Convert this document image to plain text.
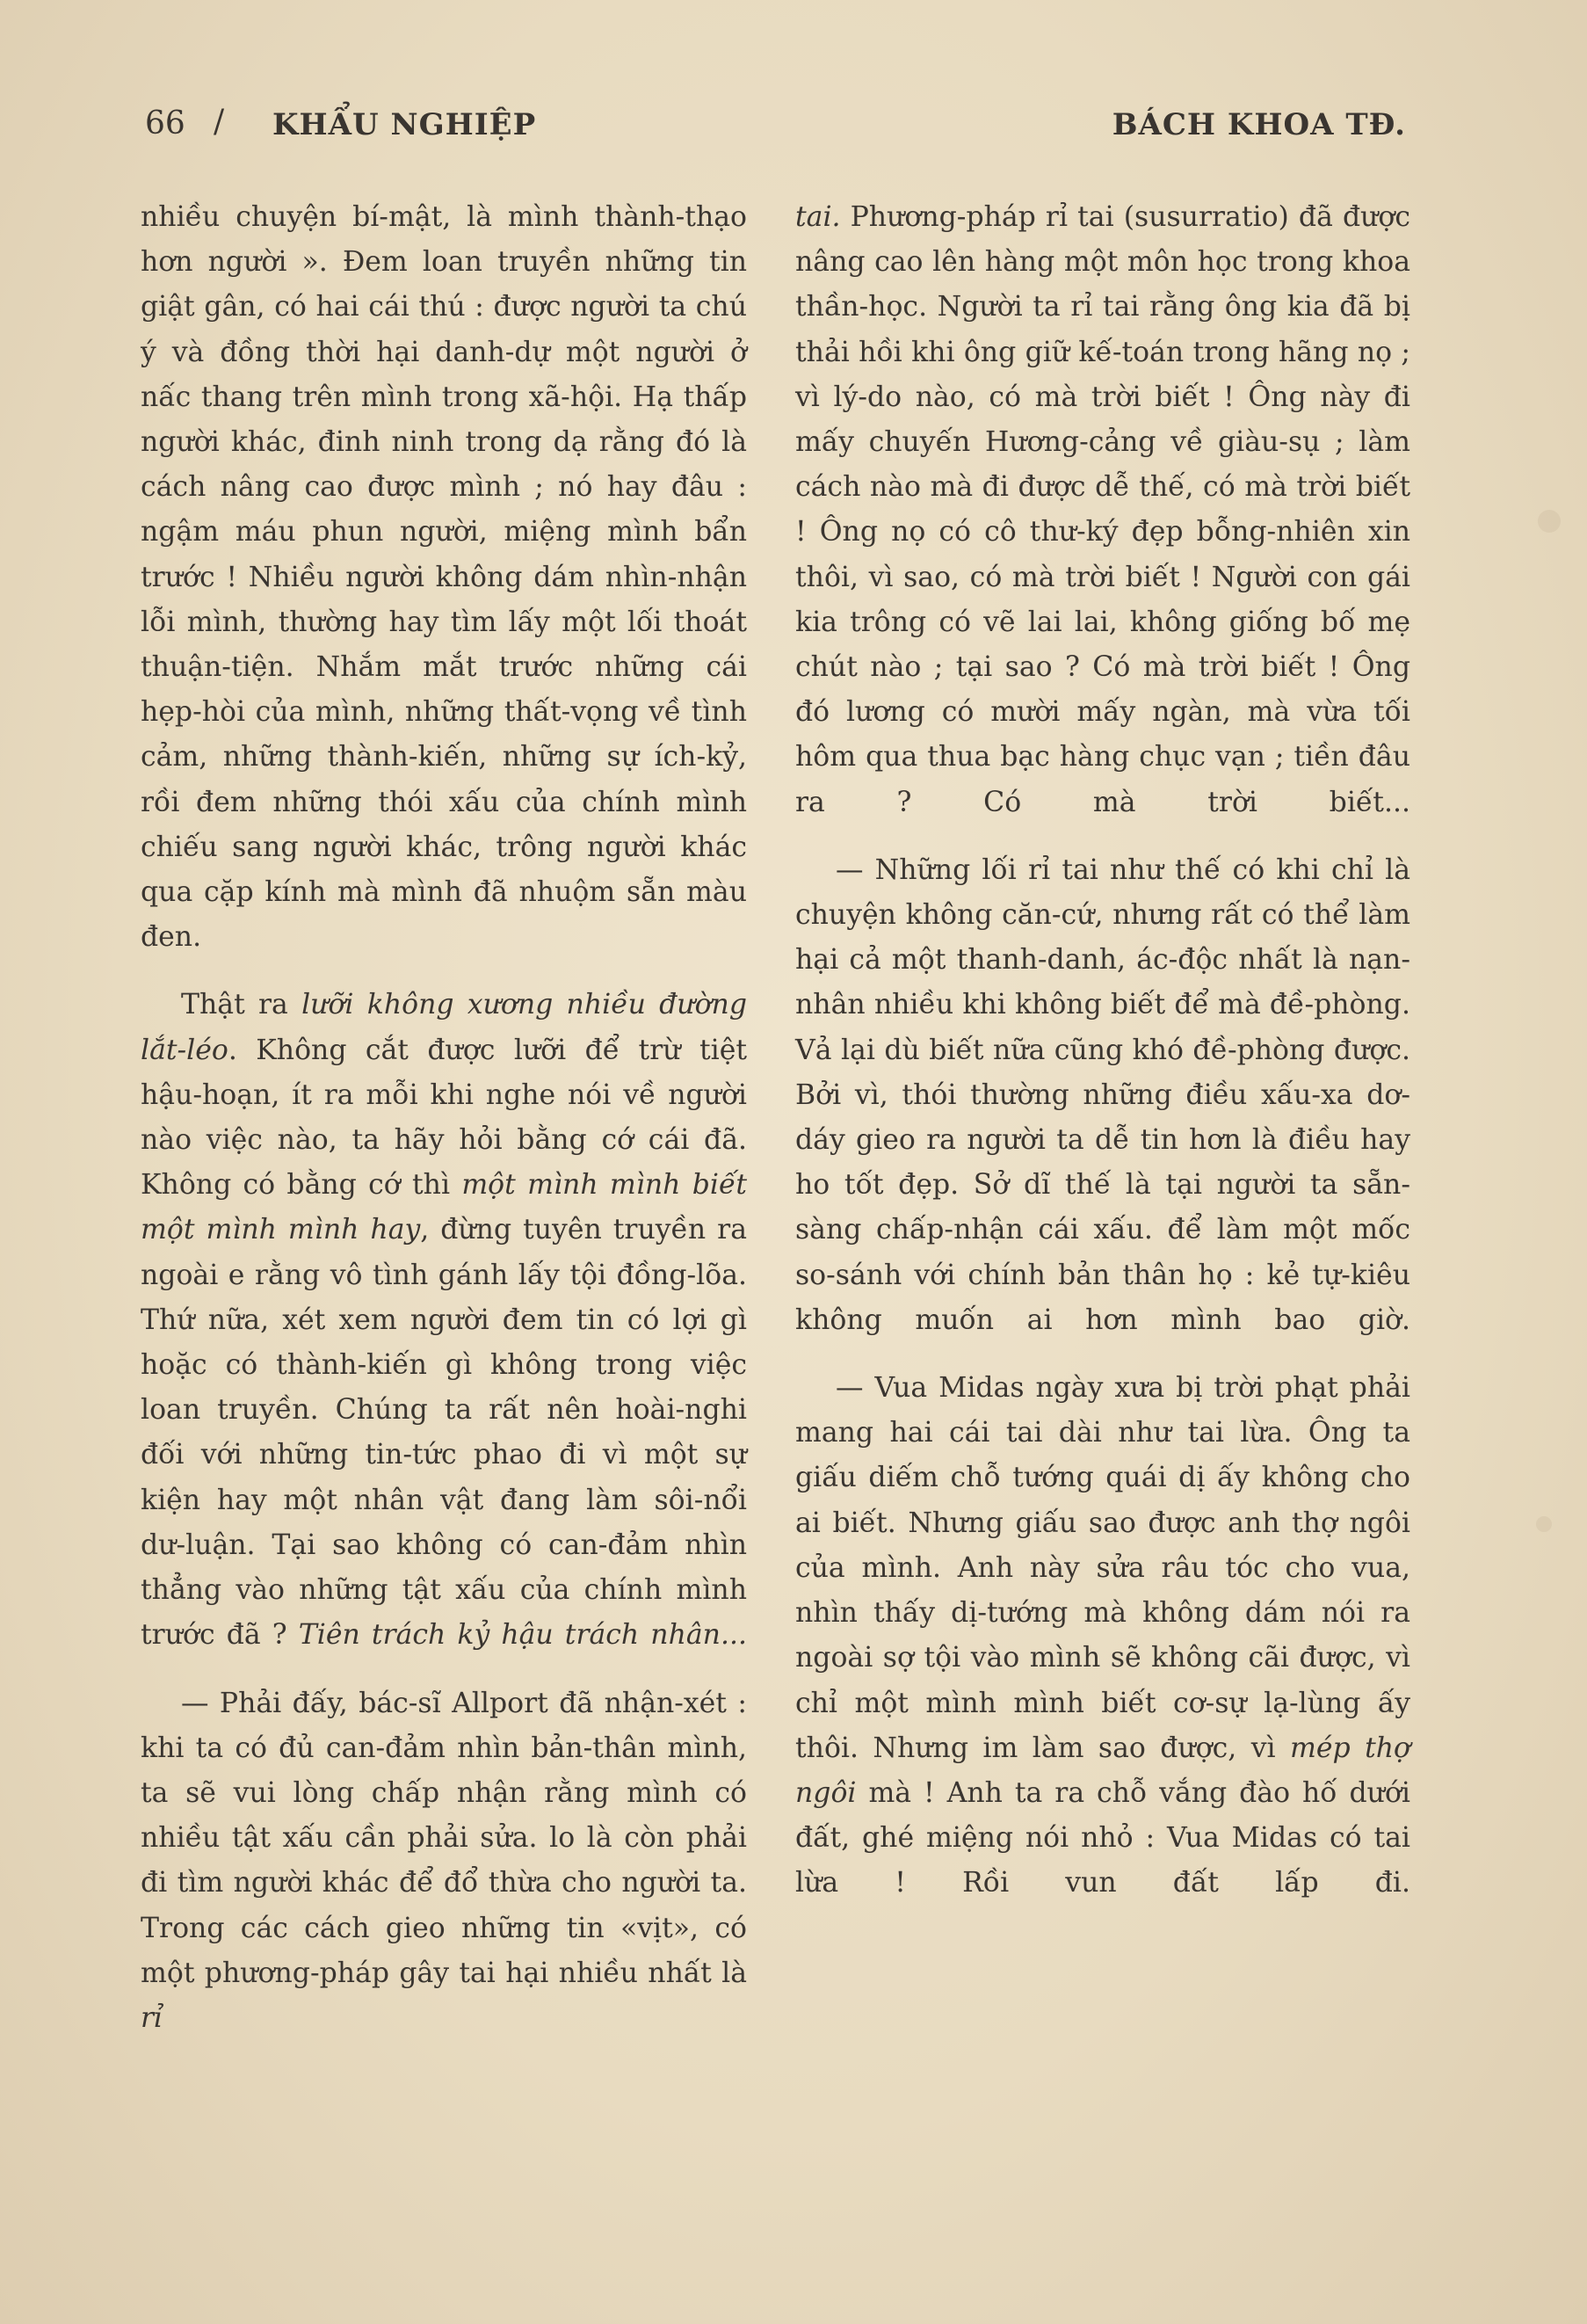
66 / KHẨU NGHIỆP	BÁCH KHOA TĐ.

nhiều chuyện bí-mật, là mình thành-thạo hơn người ». Đem loan truyền những tin giật gân, có hai cái thú : được người ta chú ý và đồng thời hại danh-dự một người ở nấc thang trên mình trong xã-hội. Hạ thấp người khác, đinh ninh trong dạ rằng đó là cách nâng cao được mình ; nó hay đâu : ngậm máu phun người, miệng mình bẩn trước ! Nhiều người không dám nhìn-nhận lỗi mình, thường hay tìm lấy một lối thoát thuận-tiện. Nhắm mắt trước những cái hẹp-hòi của mình, những thất-vọng về tình cảm, những thành-kiến, những sự ích-kỷ, rồi đem những thói xấu của chính mình chiếu sang người khác, trông người khác qua cặp kính mà mình đã nhuộm sẵn màu đen.

Thật ra lưỡi không xương nhiều đường lắt-léo. Không cắt được lưỡi để trừ tiệt hậu-hoạn, ít ra mỗi khi nghe nói về người nào việc nào, ta hãy hỏi bằng cớ cái đã. Không có bằng cớ thì một mình mình biết một mình mình hay, đừng tuyên truyền ra ngoài e rằng vô tình gánh lấy tội đồng-lõa. Thứ nữa, xét xem người đem tin có lợi gì hoặc có thành-kiến gì không trong việc loan truyền. Chúng ta rất nên hoài-nghi đối với những tin-tức phao đi vì một sự kiện hay một nhân vật đang làm sôi-nổi dư-luận. Tại sao không có can-đảm nhìn thẳng vào những tật xấu của chính mình trước đã ? Tiên trách kỷ hậu trách nhân...

— Phải đấy, bác-sĩ Allport đã nhận-xét : khi ta có đủ can-đảm nhìn bản-thân mình, ta sẽ vui lòng chấp nhận rằng mình có nhiều tật xấu cần phải sửa. lo là còn phải đi tìm người khác để đổ thừa cho người ta. Trong các cách gieo những tin «vịt», có một phương-pháp gây tai hại nhiều nhất là rỉ

tai. Phương-pháp rỉ tai (susurratio) đã được nâng cao lên hàng một môn học trong khoa thần-học. Người ta rỉ tai rằng ông kia đã bị thải hồi khi ông giữ kế-toán trong hãng nọ ; vì lý-do nào, có mà trời biết ! Ông này đi mấy chuyến Hương-cảng về giàu-sụ ; làm cách nào mà đi được dễ thế, có mà trời biết ! Ông nọ có cô thư-ký đẹp bỗng-nhiên xin thôi, vì sao, có mà trời biết ! Người con gái kia trông có vẽ lai lai, không giống bố mẹ chút nào ; tại sao ? Có mà trời biết ! Ông đó lương có mười mấy ngàn, mà vừa tối hôm qua thua bạc hàng chục vạn ; tiền đâu ra ? Có mà trời biết...

— Những lối rỉ tai như thế có khi chỉ là chuyện không căn-cứ, nhưng rất có thể làm hại cả một thanh-danh, ác-độc nhất là nạn-nhân nhiều khi không biết để mà đề-phòng. Vả lại dù biết nữa cũng khó đề-phòng được. Bởi vì, thói thường những điều xấu-xa dơ-dáy gieo ra người ta dễ tin hơn là điều hay ho tốt đẹp. Sở dĩ thế là tại người ta sẵn-sàng chấp-nhận cái xấu. để làm một mốc so-sánh với chính bản thân họ : kẻ tự-kiêu không muốn ai hơn mình bao giờ.

— Vua Midas ngày xưa bị trời phạt phải mang hai cái tai dài như tai lừa. Ông ta giấu diếm chỗ tướng quái dị ấy không cho ai biết. Nhưng giấu sao được anh thợ ngôi của mình. Anh này sửa râu tóc cho vua, nhìn thấy dị-tướng mà không dám nói ra ngoài sợ tội vào mình sẽ không cãi được, vì chỉ một mình mình biết cơ-sự lạ-lùng ấy thôi. Nhưng im làm sao được, vì mép thợ ngôi mà ! Anh ta ra chỗ vắng đào hố dưới đất, ghé miệng nói nhỏ : Vua Midas có tai lừa ! Rồi vun đất lấp đi.
